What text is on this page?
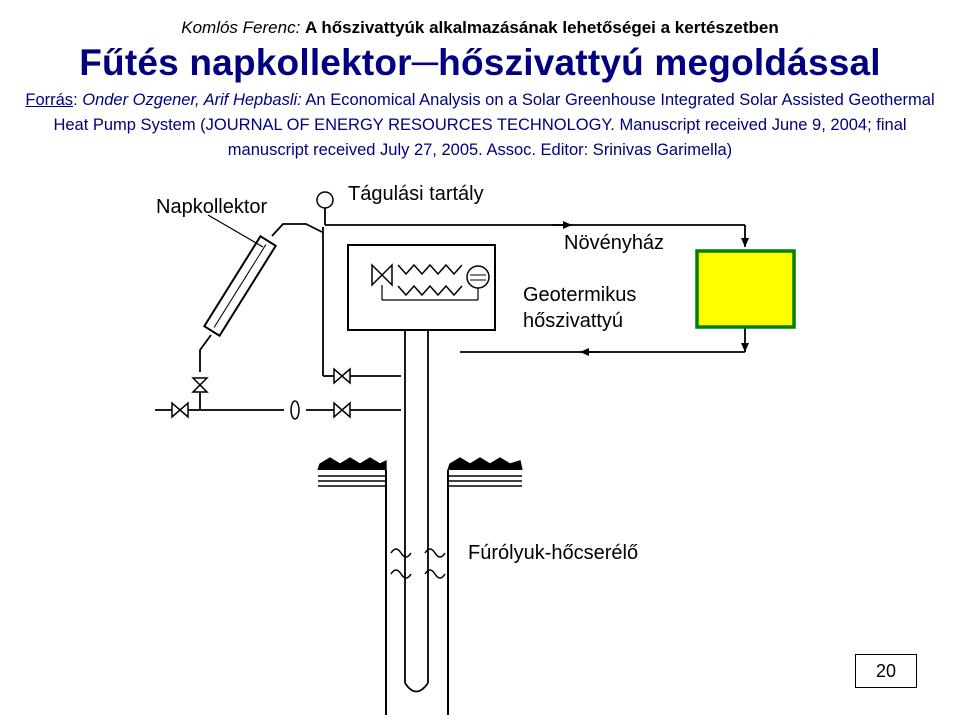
Komlós Ferenc: A hőszivattyúk alkalmazásának lehetőségei a kertészetben
Fűtés napkollektor─hőszivattyú megoldással
Forrás: Onder Ozgener, Arif Hepbasli: An Economical Analysis on a Solar Greenhouse Integrated Solar Assisted Geothermal Heat Pump System (JOURNAL OF ENERGY RESOURCES TECHNOLOGY. Manuscript received June 9, 2004; final manuscript received July 27, 2005. Assoc. Editor: Srinivas Garimella)
Napkollektor
Tágulási tartály
Növényház
Geotermikus
hőszivattyú
Fúrólyuk-hőcserélő
20
